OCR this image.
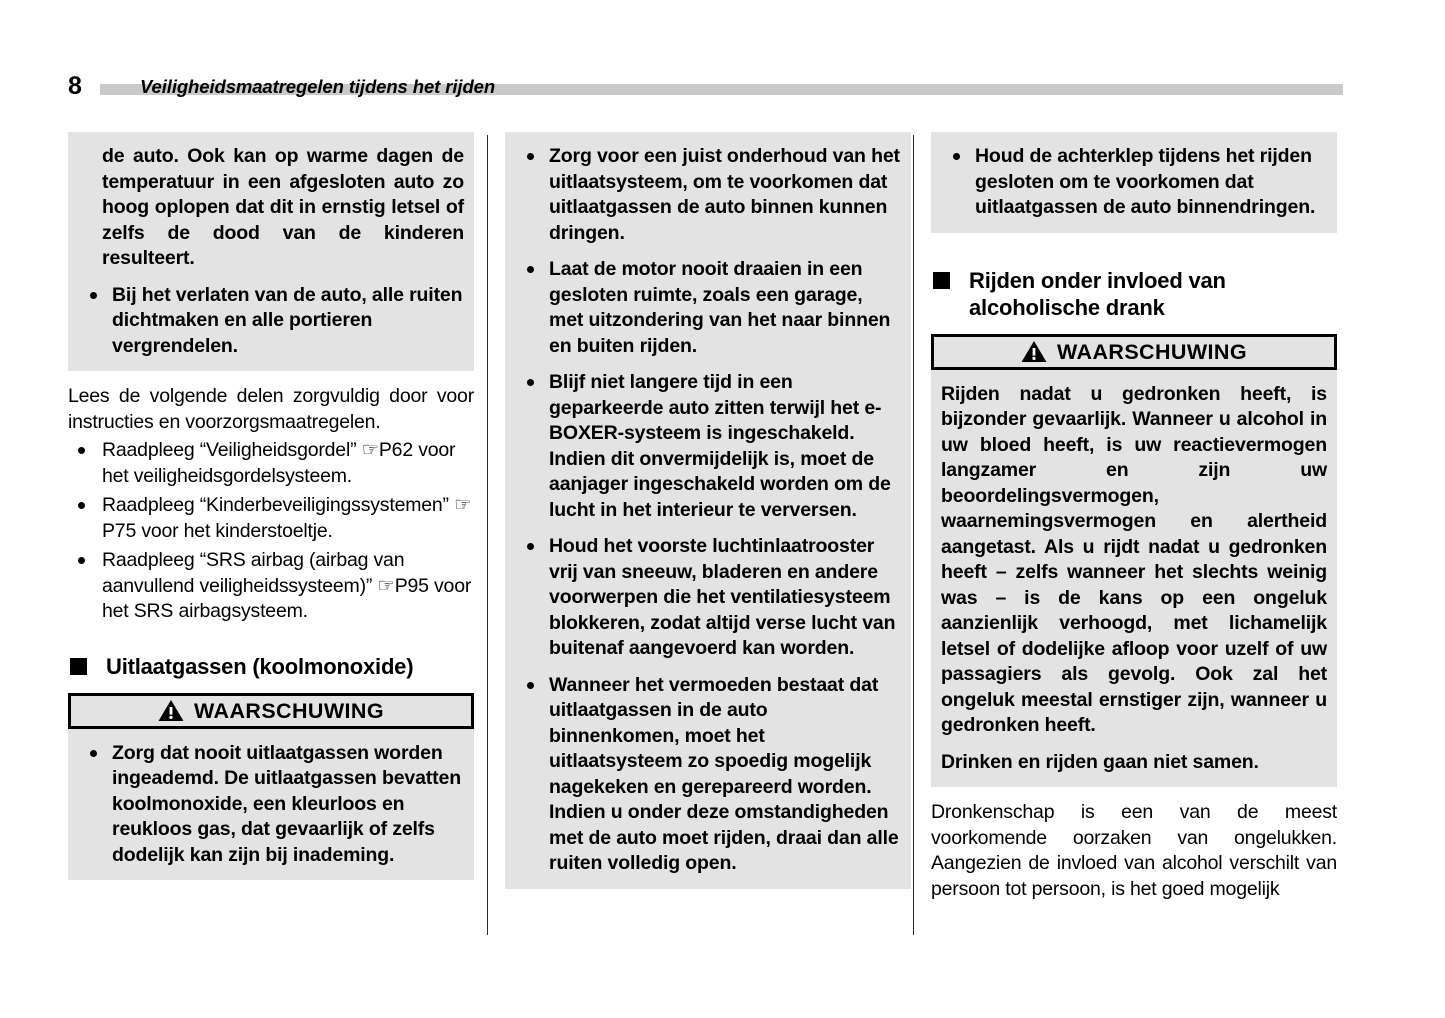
8	Veiligheidsmaatregelen tijdens het rijden
de auto. Ook kan op warme dagen de temperatuur in een afgesloten auto zo hoog oplopen dat dit in ernstig letsel of zelfs de dood van de kinderen resulteert.
Bij het verlaten van de auto, alle ruiten dichtmaken en alle portieren vergrendelen.

Lees de volgende delen zorgvuldig door voor instructies en voorzorgsmaatregelen.

Raadpleeg “Veiligheidsgordel” ☞P62 voor het veiligheidsgordelsysteem.
Raadpleeg “Kinderbeveiligingssystemen” ☞P75 voor het kinderstoeltje.
Raadpleeg “SRS airbag (airbag van aanvullend veiligheidssysteem)” ☞P95 voor het SRS airbagsysteem.
Uitlaatgassen (koolmonoxide)
WAARSCHUWING
Zorg dat nooit uitlaatgassen worden ingeademd. De uitlaatgassen bevatten koolmonoxide, een kleurloos en reukloos gas, dat gevaarlijk of zelfs dodelijk kan zijn bij inademing.
Zorg voor een juist onderhoud van het uitlaatsysteem, om te voorkomen dat uitlaatgassen de auto binnen kunnen dringen.
Laat de motor nooit draaien in een gesloten ruimte, zoals een garage, met uitzondering van het naar binnen en buiten rijden.
Blijf niet langere tijd in een geparkeerde auto zitten terwijl het e-BOXER-systeem is ingeschakeld. Indien dit onvermijdelijk is, moet de aanjager ingeschakeld worden om de lucht in het interieur te verversen.
Houd het voorste luchtinlaatrooster vrij van sneeuw, bladeren en andere voorwerpen die het ventilatiesysteem blokkeren, zodat altijd verse lucht van buitenaf aangevoerd kan worden.
Wanneer het vermoeden bestaat dat uitlaatgassen in de auto binnenkomen, moet het uitlaatsysteem zo spoedig mogelijk nagekeken en gerepareerd worden. Indien u onder deze omstandigheden met de auto moet rijden, draai dan alle ruiten volledig open.
Houd de achterklep tijdens het rijden gesloten om te voorkomen dat uitlaatgassen de auto binnendringen.
Rijden onder invloed van alcoholische drank
WAARSCHUWING
Rijden nadat u gedronken heeft, is bijzonder gevaarlijk. Wanneer u alcohol in uw bloed heeft, is uw reactievermogen langzamer en zijn uw beoordelingsvermogen, waarnemingsvermogen en alertheid aangetast. Als u rijdt nadat u gedronken heeft – zelfs wanneer het slechts weinig was – is de kans op een ongeluk aanzienlijk verhoogd, met lichamelijk letsel of dodelijke afloop voor uzelf of uw passagiers als gevolg. Ook zal het ongeluk meestal ernstiger zijn, wanneer u gedronken heeft.
Drinken en rijden gaan niet samen.

Dronkenschap is een van de meest voorkomende oorzaken van ongelukken. Aangezien de invloed van alcohol verschilt van persoon tot persoon, is het goed mogelijk
